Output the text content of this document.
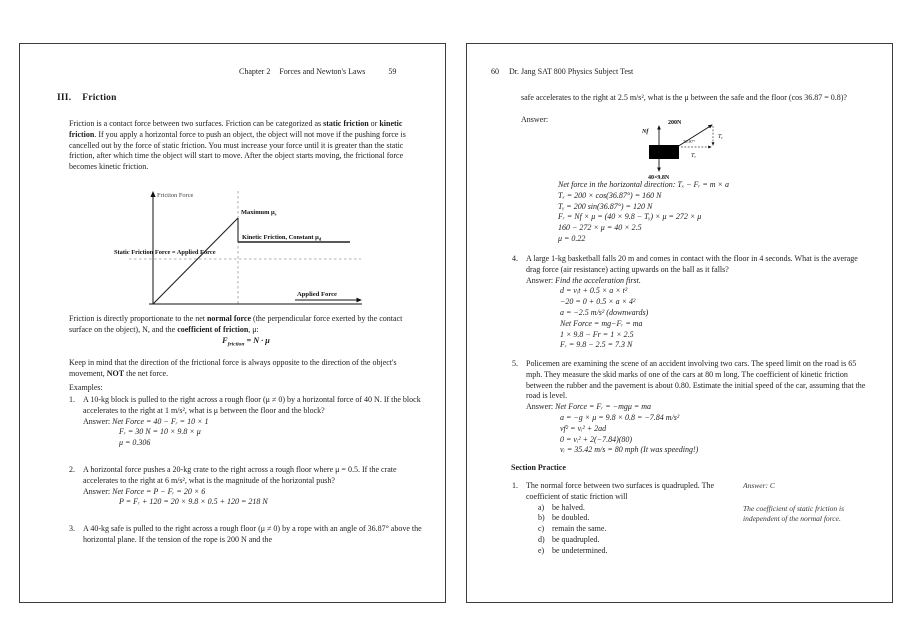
Chapter 2 Forces and Newton's Laws	59
III. Friction
Friction is a contact force between two surfaces. Friction can be categorized as static friction or kinetic friction. If you apply a horizontal force to push an object, the object will not move if the pushing force is cancelled out by the force of static friction. You must increase your force until it is greater than the static friction, after which time the object will start to move. After the object starts moving, the frictional force becomes kinetic friction.
Friction Force
Maximum $\mu_s$
Kinetic Friction, Constant $\mu_d$
Static Friction Force = Applied Force
Applied Force
Friction is directly proportionate to the net normal force (the perpendicular force exerted by the contact surface on the object), N, and the coefficient of friction, μ:
$F_{friction} = N \cdot \mu$
Keep in mind that the direction of the frictional force is always opposite to the direction of the object's movement, NOT the net force.
Examples:
1.	A 10-kg block is pulled to the right across a rough floor (μ ≠ 0) by a horizontal force of 40 N. If the block accelerates to the right at 1 m/s², what is μ between the floor and the block?
Answer: Net Force = 40 − Fᵣ = 10 × 1
Fᵣ = 30 N = 10 × 9.8 × μ
μ = 0.306
2.	A horizontal force pushes a 20-kg crate to the right across a rough floor where μ = 0.5. If the crate accelerates to the right at 6 m/s², what is the magnitude of the horizontal push?
Answer: Net Force = P − Fᵣ = 20 × 6
P = Fᵣ + 120 = 20 × 9.8 × 0.5 + 120 = 218 N
3.	A 40-kg safe is pulled to the right across a rough floor (μ ≠ 0) by a rope with an angle of 36.87° above the horizontal plane. If the tension of the rope is 200 N and the
60 Dr. Jang SAT 800 Physics Subject Test
safe accelerates to the right at 2.5 m/s², what is the μ between the safe and the floor (cos 36.87 = 0.8)?
Answer:
Nf
200N
Tᵧ
36.87°
Tₓ
40×9.8N
Net force in the horizontal direction: Tₓ − Fᵣ = m × a
Tₓ = 200 × cos(36.87°) = 160 N
Tᵧ = 200 sin(36.87°) = 120 N
Fᵣ = Nf × μ = (40 × 9.8 − Tᵧ) × μ = 272 × μ
160 − 272 × μ = 40 × 2.5
μ = 0.22
4.	A large 1-kg basketball falls 20 m and comes in contact with the floor in 4 seconds. What is the average drag force (air resistance) acting upwards on the ball as it falls?
Answer: Find the acceleration first.
d = vᵢt + 0.5 × a × t²
−20 = 0 + 0.5 × a × 4²
a = −2.5 m/s² (downwards)
Net Force = mg−Fᵣ = ma
1 × 9.8 − Fr = 1 × 2.5
Fᵣ = 9.8 − 2.5 = 7.3 N
5.	Policemen are examining the scene of an accident involving two cars. The speed limit on the road is 65 mph. They measure the skid marks of one of the cars at 80 m long. The coefficient of kinetic friction between the rubber and the pavement is about 0.80. Estimate the initial speed of the car, assuming that the road is level.
Answer: Net Force = Fᵣ = −mgμ = ma
a = −g × μ = 9.8 × 0.8 = −7.84 m/s²
vf² = vᵢ² + 2ad
0 = vᵢ² + 2(−7.84)(80)
vᵢ = 35.42 m/s = 80 mph (It was speeding!)
Section Practice
1.	The normal force between two surfaces is quadrupled. The coefficient of static friction will
a) be halved.
b) be doubled.
c) remain the same.
d) be quadrupled.
e) be undetermined.
Answer: C
The coefficient of static friction is independent of the normal force.
